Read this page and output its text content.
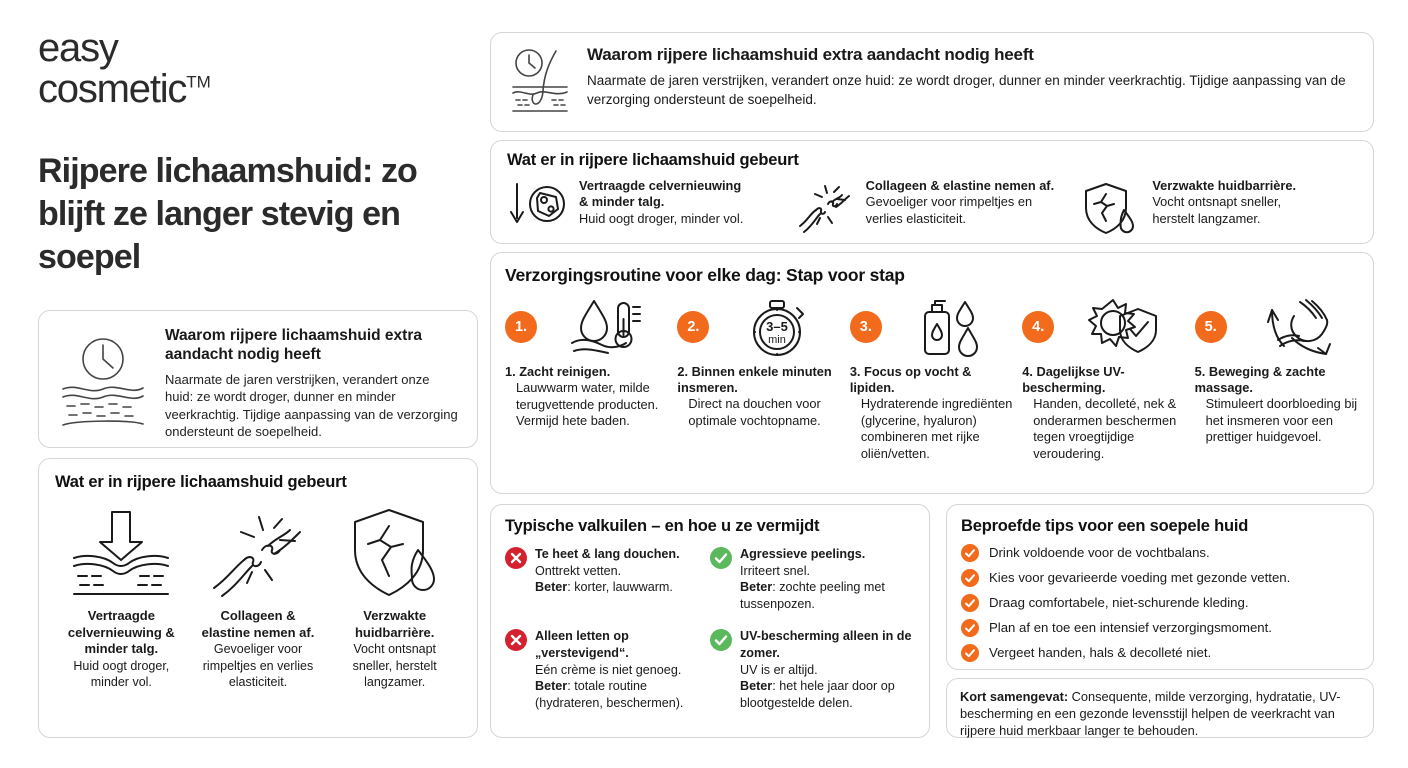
easy
cosmetic™
Rijpere lichaamshuid: zo blijft ze langer stevig en soepel
Waarom rijpere lichaamshuid extra aandacht nodig heeft

Naarmate de jaren verstrijken, verandert onze huid: ze wordt droger, dunner en minder veerkrachtig. Tijdige aanpassing van de verzorging ondersteunt de soepelheid.

Wat er in rijpere lichaamshuid gebeurt
Vertraagde celvernieuwing
& minder talg.
Huid oogt droger, minder vol.
Collageen & elastine nemen af.
Gevoeliger voor rimpeltjes en
verlies elasticiteit.
Verzwakte huidbarrière.
Vocht ontsnapt sneller,
herstelt langzamer.
Verzorgingsroutine voor elke dag: Stap voor stap
1.
1. Zacht reinigen.
Lauwwarm water, milde terugvettende producten. Vermijd hete baden.
2.	3–5
min
2. Binnen enkele minuten insmeren.
Direct na douchen voor optimale vochtopname.
3.
3. Focus op vocht & lipiden.
Hydraterende ingrediënten (glycerine, hyaluron) combineren met rijke oliën/vetten.
4.
4. Dagelijkse UV-bescherming.
Handen, decolleté, nek & onderarmen beschermen tegen vroegtijdige veroudering.
5.
5. Beweging & zachte massage.
Stimuleert doorbloeding bij het insmeren voor een prettiger huidgevoel.
Waarom rijpere lichaamshuid extra aandacht nodig heeft

Naarmate de jaren verstrijken, verandert onze huid: ze wordt droger, dunner en minder veerkrachtig. Tijdige aanpassing van de verzorging ondersteunt de soepelheid.

Wat er in rijpere lichaamshuid gebeurt
Vertraagde
celvernieuwing &
minder talg.
Huid oogt droger,
minder vol.
Collageen &
elastine nemen af.
Gevoeliger voor
rimpeltjes en verlies
elasticiteit.
Verzwakte
huidbarrière.
Vocht ontsnapt
sneller, herstelt
langzamer.
Typische valkuilen – en hoe u ze vermijdt
Te heet & lang douchen.
Onttrekt vetten.
Beter: korter, lauwwarm.
Agressieve peelings.
Irriteert snel.
Beter: zochte peeling met tussenpozen.
Alleen letten op „verstevigend“.
Eén crème is niet genoeg.
Beter: totale routine (hydrateren, beschermen).
UV-bescherming alleen in de zomer.
UV is er altijd.
Beter: het hele jaar door op blootgestelde delen.
Beproefde tips voor een soepele huid
Drink voldoende voor de vochtbalans.
Kies voor gevarieerde voeding met gezonde vetten.
Draag comfortabele, niet-schurende kleding.
Plan af en toe een intensief verzorgingsmoment.
Vergeet handen, hals & decolleté niet.

Kort samengevat: Consequente, milde verzorging, hydratatie, UV-bescherming en een gezonde levensstijl helpen de veerkracht van rijpere huid merkbaar langer te behouden.
